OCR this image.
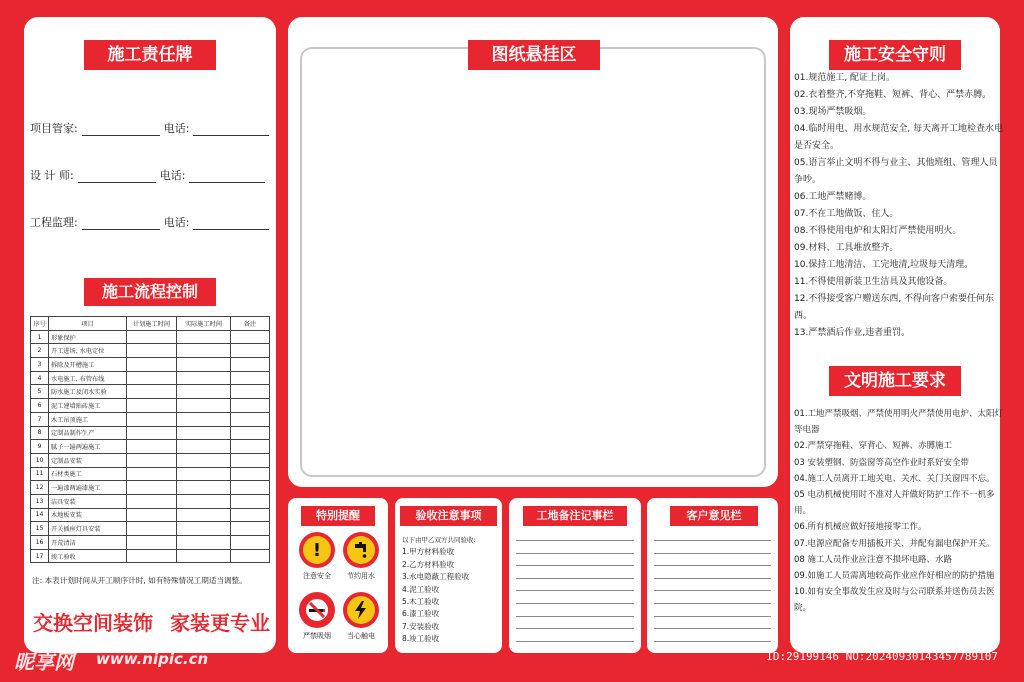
施工责任牌
项目管家:	电话:
设 计 师:	电话:
工程监理:	电话:
施工流程控制
序号	项目	计划施工时间	实际施工时间	备注
1	形象保护			
2	开工进场, 水电定位			
3	拆除及开槽施工			
4	水电施工, 布管布线			
5	防水施工及闭水实验			
6	泥工建墙贴砖施工			
7	木工吊顶施工			
8	定制品制作生产			
9	腻子一遍两遍施工			
10	定制品安装			
11	石材类施工			
12	一遍漆两遍漆施工			
13	洁具安装			
14	木地板安装			
15	开关插座灯具安装			
16	开荒清洁			
17	竣工验收			
注: 本表计划时间从开工顺序计时, 如有特殊情况工期适当调整。
交换空间装饰 家装更专业
图纸悬挂区
特别提醒
!
注意安全	节约用水
严禁吸烟	当心触电
验收注意事项
以下由甲乙双方共同验收:
1.甲方材料验收
2.乙方材料验收
3.水电隐蔽工程验收
4.泥工验收
5.木工验收
6.漆工验收
7.安装验收
8.竣工验收
工地备注记事栏	客户意见栏
施工安全守则
01.规范施工, 配证上岗。
02.衣着整齐,不穿拖鞋、短裤、背心、严禁赤膊。
03.现场严禁吸烟。
04.临时用电、用水规范安全, 每天离开工地检查水电是否安全。
05.语言举止文明不得与业主、其他班组、管理人员争吵。
06.工地严禁赌博。
07.不在工地做饭、住人。
08.不得使用电炉和太阳灯严禁使用明火。
09.材料、工具堆放整齐。
10.保持工地清洁、工完地清,垃圾每天清理。
11.不得使用新装卫生洁具及其他设备。
12.不得接受客户赠送东西, 不得向客户索要任何东西。
13.严禁酒后作业,违者重罚。
文明施工要求
01.工地严禁吸烟、严禁使用明火严禁使用电炉、太阳灯等电器
02.严禁穿拖鞋、穿背心、短裤、赤膊施工
03 安装塑钢、防盗窗等高空作业时系好安全带
04.施工人员离开工地关电、关水、关门关窗四不忘。
05 电动机械使用时不准对人并做好防护工作不一机多用。
06.所有机械应做好接地接零工作。
07.电源应配备专用插板开关、并配有漏电保护开关。
08 施工人员作业应注意不损坏电路、水路
09.如施工人员需离地较高作业应作好相应的防护措施
10.如有安全事故发生应及时与公司联系并送伤员去医院。
昵享网 www.nipic.cn	ID:29199146 NO:20240930143457789107
